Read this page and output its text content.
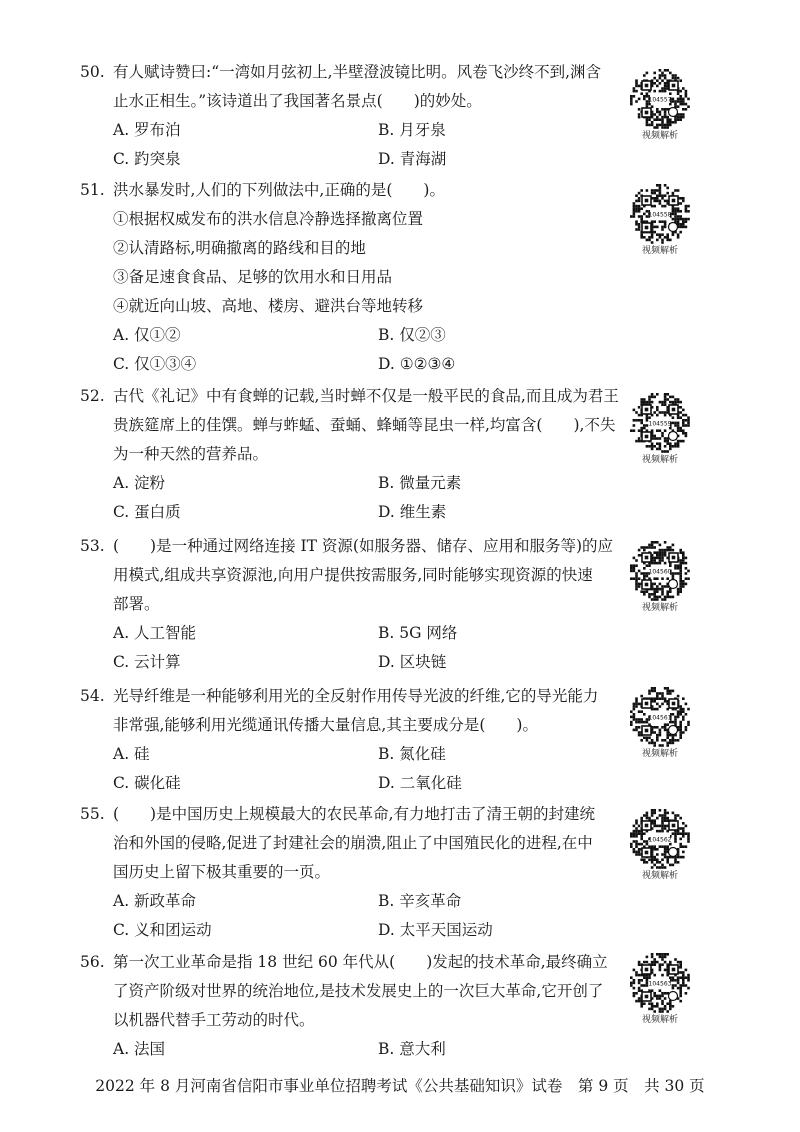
50. 有人赋诗赞曰:“一湾如月弦初上,半壁澄波镜比明。风卷飞沙终不到,渊含
止水正相生。”该诗道出了我国著名景点(　　)的妙处。
A. 罗布泊	B. 月牙泉
C. 趵突泉	D. 青海湖
104557
视频解析
51. 洪水暴发时,人们的下列做法中,正确的是(　　)。
①根据权威发布的洪水信息冷静选择撤离位置
②认清路标,明确撤离的路线和目的地
③备足速食食品、足够的饮用水和日用品
④就近向山坡、高地、楼房、避洪台等地转移
A. 仅①②	B. 仅②③
C. 仅①③④	D. ①②③④
104558
视频解析
52. 古代《礼记》中有食蝉的记载,当时蝉不仅是一般平民的食品,而且成为君王
贵族筵席上的佳馔。蝉与蚱蜢、蚕蛹、蜂蛹等昆虫一样,均富含(　　),不失
为一种天然的营养品。
A. 淀粉	B. 微量元素
C. 蛋白质	D. 维生素
104559
视频解析
53. (　　)是一种通过网络连接 IT 资源(如服务器、储存、应用和服务等)的应
用模式,组成共享资源池,向用户提供按需服务,同时能够实现资源的快速
部署。
A. 人工智能	B. 5G 网络
C. 云计算	D. 区块链
104560
视频解析
54. 光导纤维是一种能够利用光的全反射作用传导光波的纤维,它的导光能力
非常强,能够利用光缆通讯传播大量信息,其主要成分是(　　)。
A. 硅	B. 氮化硅
C. 碳化硅	D. 二氧化硅
104561
视频解析
55. (　　)是中国历史上规模最大的农民革命,有力地打击了清王朝的封建统
治和外国的侵略,促进了封建社会的崩溃,阻止了中国殖民化的进程,在中
国历史上留下极其重要的一页。
A. 新政革命	B. 辛亥革命
C. 义和团运动	D. 太平天国运动
104562
视频解析
56. 第一次工业革命是指 18 世纪 60 年代从(　　)发起的技术革命,最终确立
了资产阶级对世界的统治地位,是技术发展史上的一次巨大革命,它开创了
以机器代替手工劳动的时代。
A. 法国	B. 意大利
104563
视频解析
2022 年 8 月河南省信阳市事业单位招聘考试《公共基础知识》试卷　第 9 页　共 30 页
